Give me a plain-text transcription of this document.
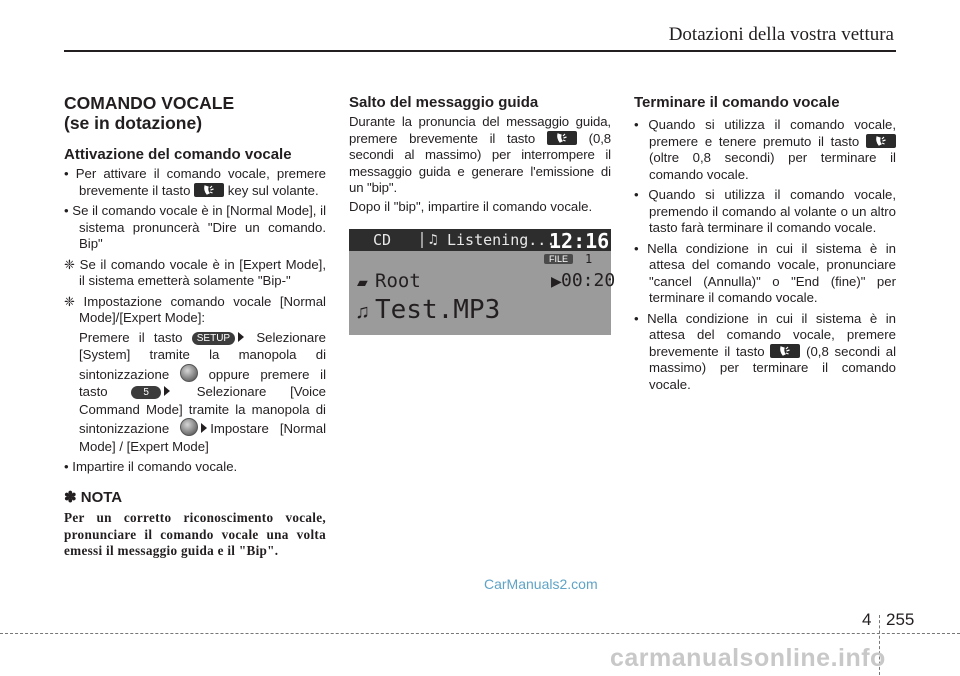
Dotazioni della vostra vettura

COMANDO VOCALE

(se in dotazione)

Attivazione del comando vocale

• Per attivare il comando vocale, premere brevemente il tasto	key sul volante.

• Se il comando vocale è in [Normal Mode], il sistema pronuncerà "Dire un comando. Bip"

❈ Se il comando vocale è in [Expert Mode], il sistema emetterà solamente "Bip-"

❈ Impostazione comando vocale [Normal Mode]/[Expert Mode]:

Premere il tasto SETUP Selezionare [System] tramite la manopola di sintonizzazione	oppure premere il tasto	5	Selezionare [Voice Command Mode] tramite la manopola di sintonizzazione	Impostare [Normal Mode] / [Expert Mode]

• Impartire il comando vocale.

✽ NOTA

Per un corretto riconoscimento vocale, pronunciare il comando vocale una volta emessi il messaggio guida e il "Bip".

Salto del messaggio guida

Durante la pronuncia del messaggio guida, premere brevemente il tasto	(0,8 secondi al massimo) per interrompere il messaggio guida e generare l'emissione di un "bip".

Dopo il "bip", impartire il comando vocale.

CD	♫ Listening...
12:16
FILE	1
▰ Root	▶ 00:20
♫ Test.MP3

Terminare il comando vocale

• Quando si utilizza il comando vocale, premere e tenere premuto il tasto
(oltre 0,8 secondi) per terminare il comando vocale.

• Quando si utilizza il comando vocale, premendo il comando al volante o un altro tasto farà terminare il comando vocale.

• Nella condizione in cui il sistema è in attesa del comando vocale, pronunciare "cancel (Annulla)" o "End (fine)" per terminare il comando vocale.

• Nella condizione in cui il sistema è in attesa del comando vocale, premere brevemente il tasto	(0,8 secondi al massimo) per terminare il comando vocale.

CarManuals2.com
4 255
carmanualsonline.info
